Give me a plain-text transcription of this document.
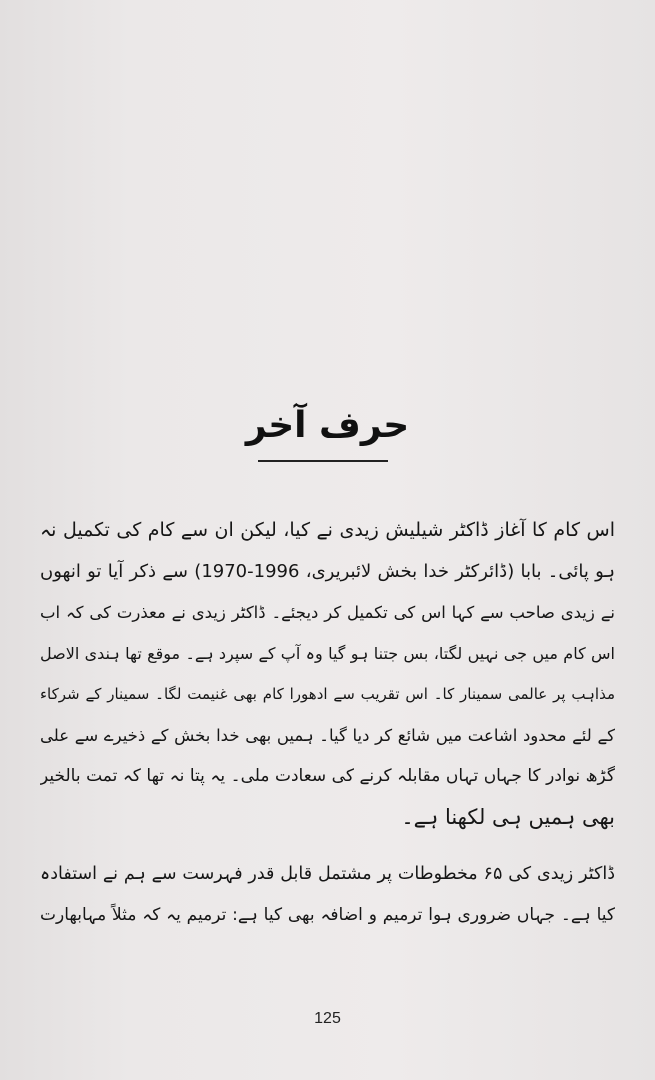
حرف آخر
اس کام کا آغاز ڈاکٹر شیلیش زیدی نے کیا، لیکن ان سے کام کی تکمیل نہ
ہو پائی۔ بابا (ڈائرکٹر خدا بخش لائبریری، 1996-1970) سے ذکر آیا تو انھوں
نے زیدی صاحب سے کہا اس کی تکمیل کر دیجئے۔ ڈاکٹر زیدی نے معذرت کی کہ اب
اس کام میں جی نہیں لگتا، بس جتنا ہو گیا وہ آپ کے سپرد ہے۔ موقع تھا ہندی الاصل
مذاہب پر عالمی سمینار کا۔ اس تقریب سے ادھورا کام بھی غنیمت لگا۔ سمینار کے شرکاء
کے لئے محدود اشاعت میں شائع کر دیا گیا۔ ہمیں بھی خدا بخش کے ذخیرے سے علی
گڑھ نوادر کا جہاں تہاں مقابلہ کرنے کی سعادت ملی۔ یہ پتا نہ تھا کہ تمت بالخیر
بھی ہمیں ہی لکھنا ہے۔
ڈاکٹر زیدی کی ۶۵ مخطوطات پر مشتمل قابل قدر فہرست سے ہم نے استفادہ
کیا ہے۔ جہاں ضروری ہوا ترمیم و اضافہ بھی کیا ہے: ترمیم یہ کہ مثلاً مہابھارت
125
